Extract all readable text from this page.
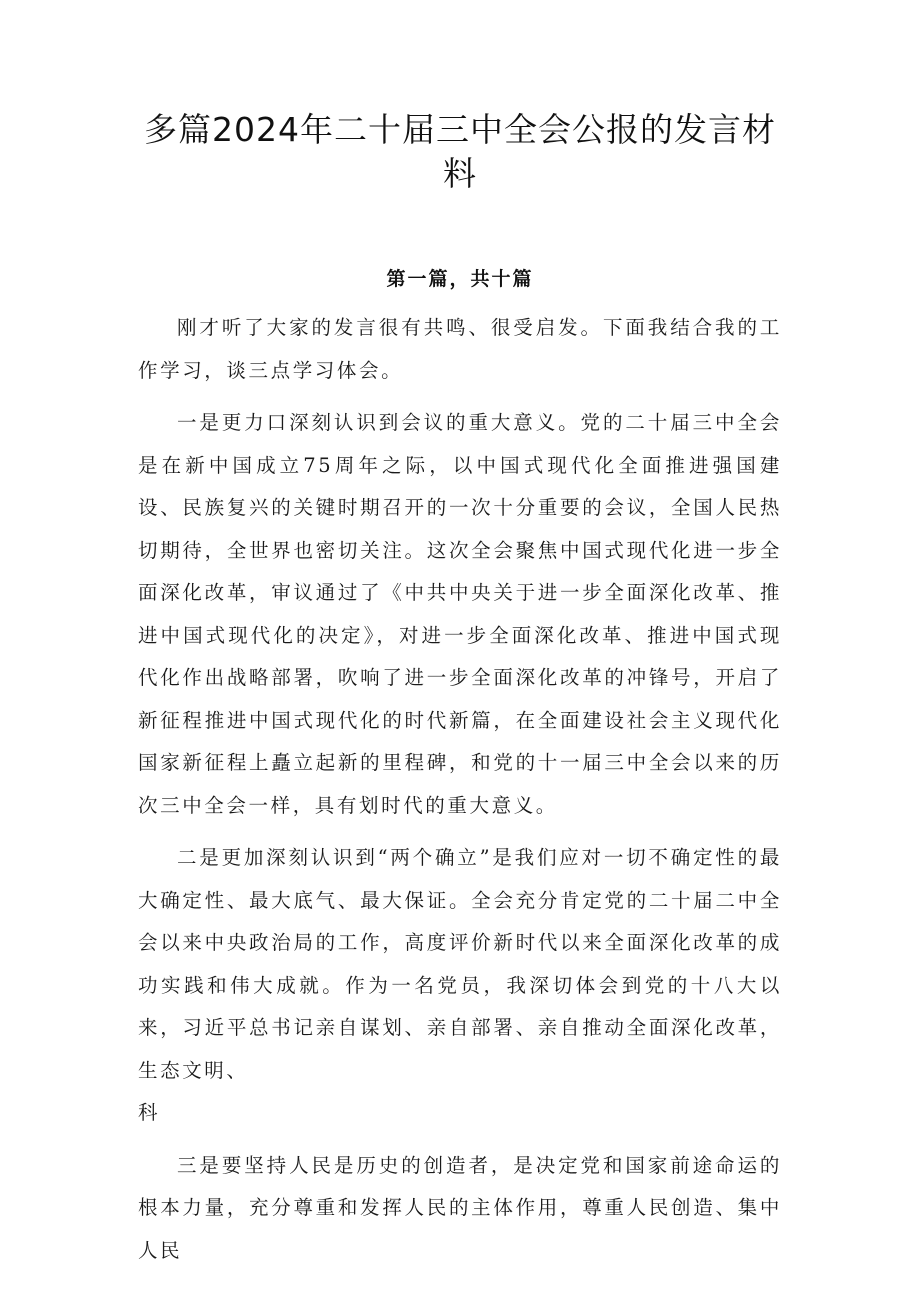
多篇2024年二十届三中全会公报的发言材料
第一篇，共十篇

刚才听了大家的发言很有共鸣、很受启发。下面我结合我的工作学习，谈三点学习体会。

一是更力口深刻认识到会议的重大意义。党的二十届三中全会是在新中国成立75周年之际，以中国式现代化全面推进强国建设、民族复兴的关键时期召开的一次十分重要的会议，全国人民热切期待，全世界也密切关注。这次全会聚焦中国式现代化进一步全面深化改革，审议通过了《中共中央关于进一步全面深化改革、推进中国式现代化的决定》，对进一步全面深化改革、推进中国式现代化作出战略部署，吹响了进一步全面深化改革的冲锋号，开启了新征程推进中国式现代化的时代新篇，在全面建设社会主义现代化国家新征程上矗立起新的里程碑，和党的十一届三中全会以来的历次三中全会一样，具有划时代的重大意义。

二是更加深刻认识到“两个确立”是我们应对一切不确定性的最大确定性、最大底气、最大保证。全会充分肯定党的二十届二中全会以来中央政治局的工作，高度评价新时代以来全面深化改革的成功实践和伟大成就。作为一名党员，我深切体会到党的十八大以来，习近平总书记亲自谋划、亲自部署、亲自推动全面深化改革，生态文明、

科

三是要坚持人民是历史的创造者，是决定党和国家前途命运的根本力量，充分尊重和发挥人民的主体作用，尊重人民创造、集中人民
